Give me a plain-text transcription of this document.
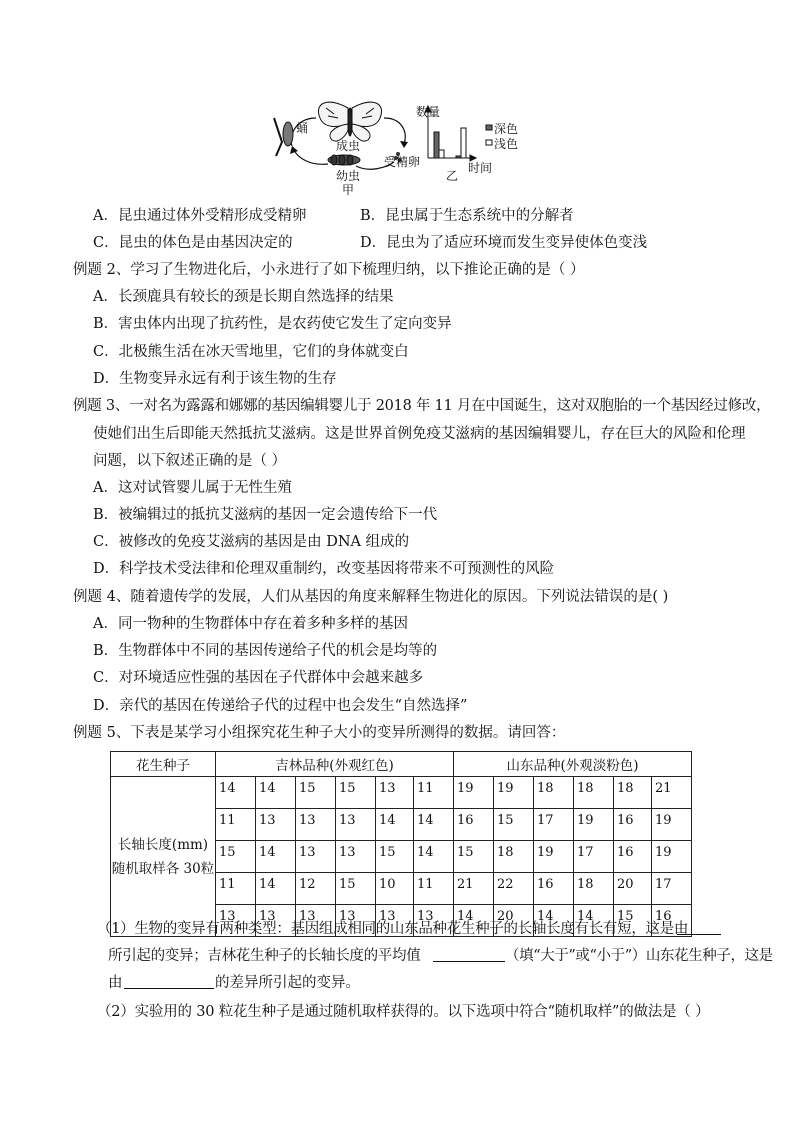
蛹
成虫
受精卵
幼虫
甲
数量
深色
浅色
乙
时间
A．昆虫通过体外受精形成受精卵	B．昆虫属于生态系统中的分解者
C．昆虫的体色是由基因决定的	D．昆虫为了适应环境而发生变异使体色变浅
例题 2、学习了生物进化后，小永进行了如下梳理归纳，以下推论正确的是（ ）
A．长颈鹿具有较长的颈是长期自然选择的结果
B．害虫体内出现了抗药性，是农药使它发生了定向变异
C．北极熊生活在冰天雪地里，它们的身体就变白
D．生物变异永远有利于该生物的生存
例题 3、一对名为露露和娜娜的基因编辑婴儿于 2018 年 11 月在中国诞生，这对双胞胎的一个基因经过修改，
使她们出生后即能天然抵抗艾滋病。这是世界首例免疫艾滋病的基因编辑婴儿，存在巨大的风险和伦理
问题，以下叙述正确的是（ ）
A．这对试管婴儿属于无性生殖
B．被编辑过的抵抗艾滋病的基因一定会遗传给下一代
C．被修改的免疫艾滋病的基因是由 DNA 组成的
D．科学技术受法律和伦理双重制约，改变基因将带来不可预测性的风险
例题 4、随着遗传学的发展，人们从基因的角度来解释生物进化的原因。下列说法错误的是( )
A．同一物种的生物群体中存在着多种多样的基因
B．生物群体中不同的基因传递给子代的机会是均等的
C．对环境适应性强的基因在子代群体中会越来越多
D．亲代的基因在传递给子代的过程中也会发生“自然选择”
例题 5、下表是某学习小组探究花生种子大小的变异所测得的数据。请回答：
花生种子	吉林品种(外观红色)						山东品种(外观淡粉色)					

长轴长度(mm)
随机取样各 30粒	14	14	15	15	13	11	19	19	18	18	18	21
	11	13	13	13	14	14	16	15	17	19	16	19
	15	14	13	13	15	14	15	18	19	17	16	19
	11	14	12	15	10	11	21	22	16	18	20	17
	13	13	13	13	13	13	14	20	14	14	15	16
（1）生物的变异有两种类型：基因组成相同的山东品种花生种子的长轴长度有长有短，这是由
所引起的变异；吉林花生种子的长轴长度的平均值	（填“大于”或“小于”）山东花生种子，这是
由	的差异所引起的变异。
（2）实验用的 30 粒花生种子是通过随机取样获得的。以下选项中符合“随机取样”的做法是（ ）
